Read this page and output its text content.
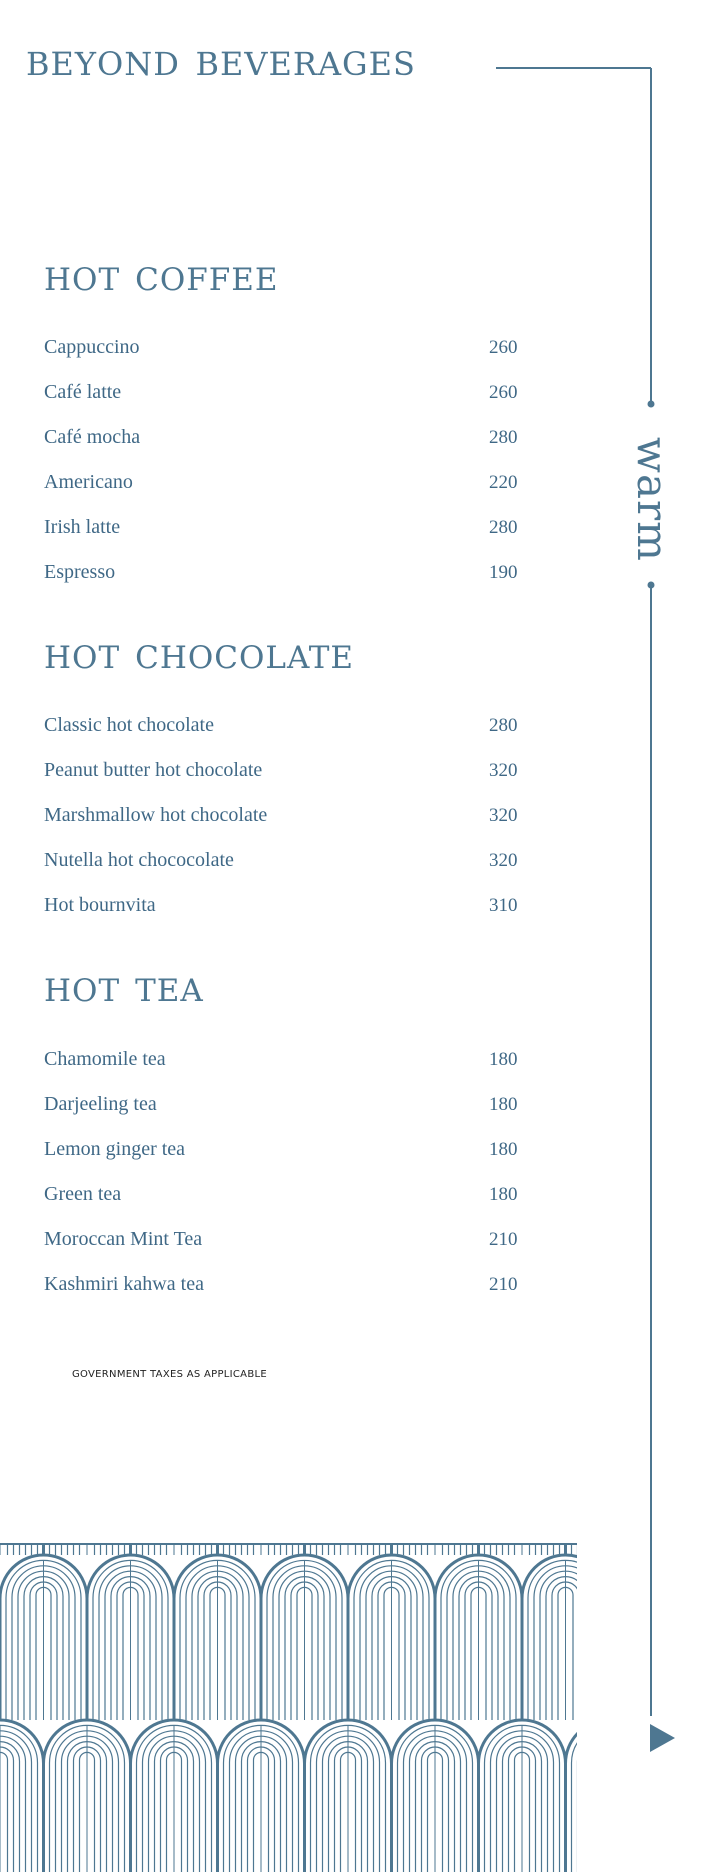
beyond beverages
hot coffee
Cappuccino	260
Café latte	260
Café mocha	280
Americano	220
Irish latte	280
Espresso	190
hot chocolate
Classic hot chocolate	280
Peanut butter hot chocolate	320
Marshmallow hot chocolate	320
Nutella hot chococolate	320
Hot bournvita	310
hot tea
Chamomile tea	180
Darjeeling tea	180
Lemon ginger tea	180
Green tea	180
Moroccan Mint Tea	210
Kashmiri kahwa tea	210
GOVERNMENT TAXES AS APPLICABLE
warm
